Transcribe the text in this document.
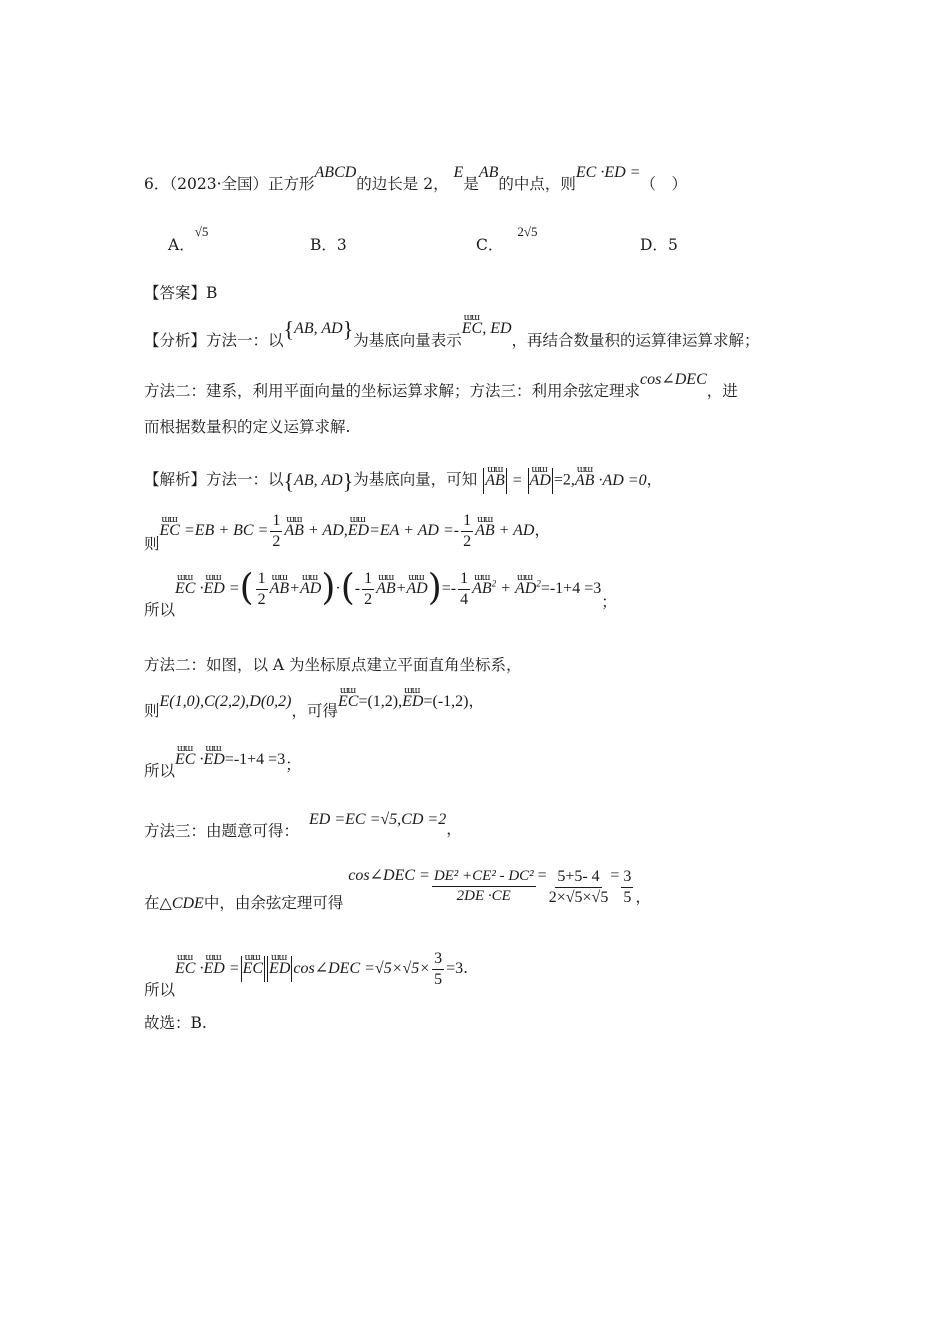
6．（2023·全国）正方形ABCD的边长是 2， E是AB的中点，则EC ·ED =（　）
A．$^{√5}$
B．3	C．$^{2√5}$
D．5
【答案】B
【分析】方法一：以{AB, AD}为基底向量表示ɯɯ EC, ED，再结合数量积的运算律运算求解；
方法二：建系，利用平面向量的坐标运算求解；方法三：利用余弦定理求cos∠DEC，进
而根据数量积的定义运算求解.
【解析】方法一：以{AB, AD}为基底向量，可知 ɯɯ AB = ɯɯ AD =2,ɯɯ AB ·AD =0，
则ɯɯ EC =EB + BC = $\frac{1}{2}$ ɯɯ AB + AD,ɯɯ ED=EA + AD =- $\frac{1}{2}$ ɯɯ AB + AD，
所以ɯɯ EC ·ɯɯ ED =( $\frac{1}{2}$ ɯɯ AB+ɯɯ $AD)\cdot(- \frac{1}{2}$ ɯɯ AB+ɯɯ $AD)=- \frac{1}{4}$ ɯɯ $AB^2$ + ɯɯ $AD^2=-1+4 =3$；
方法二：如图，以 A 为坐标原点建立平面直角坐标系，
则E(1,0),C(2,2),D(0,2)，可得ɯɯ EC=(1,2),ɯɯ ED=(-1,2)，
所以ɯɯ EC ·ɯɯ ED=-1+4 =3；
方法三：由题意可得：ED =EC =√5,CD =2，
在△CDE中，由余弦定理可得 cos∠DEC = $\frac{\text{DE² +CE² - DC²}}{2DE \cdot CE} = \frac{5+5- 4}{2\times√5\times√5} = \frac{3}{5}$ ，
所以ɯɯ EC ·ɯɯ ED = ɯɯ EC ɯɯ ED cos∠DEC $=√5\times√5\times \frac{3}{5} =3$.
故选：B.
